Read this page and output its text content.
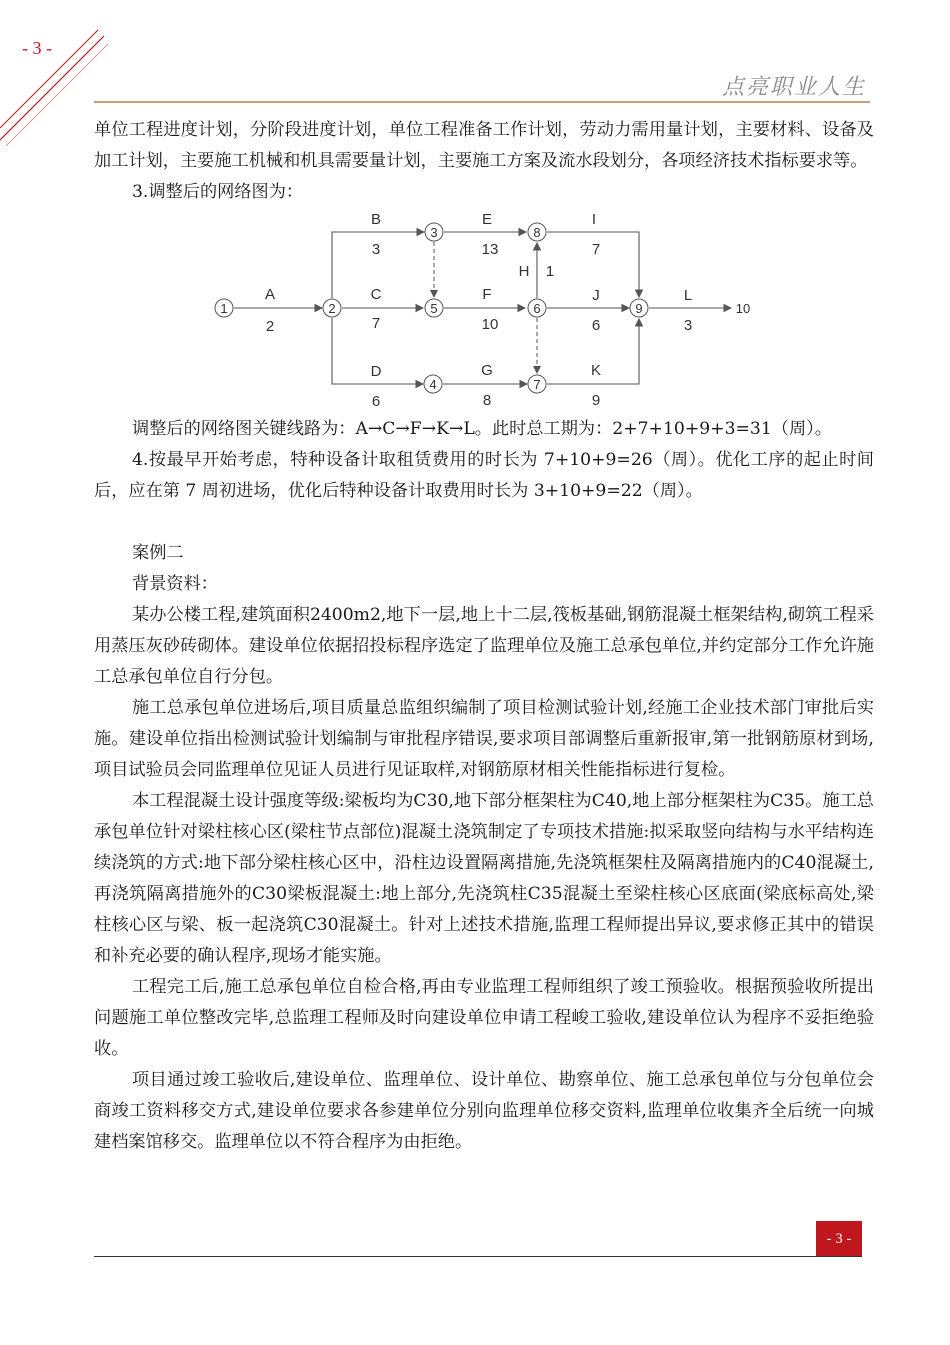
- 3 -
点亮职业人生

单位工程进度计划，分阶段进度计划，单位工程准备工作计划，劳动力需用量计划，主要材料、设备及加工计划，主要施工机械和机具需要量计划，主要施工方案及流水段划分，各项经济技术指标要求等。

3.调整后的网络图为：

1	2
3
4
5	6
7
8
9	10
A
2
B
3
C
7
D
6
E
13
F
10
G
8
H 1
I
7
J
6
K
9
L
3

调整后的网络图关键线路为：A→C→F→K→L。此时总工期为：2+7+10+9+3=31（周）。

4.按最早开始考虑，特种设备计取租赁费用的时长为 7+10+9=26（周）。优化工序的起止时间后，应在第 7 周初进场，优化后特种设备计取费用时长为 3+10+9=22（周）。

案例二

背景资料：

某办公楼工程,建筑面积2400m2,地下一层,地上十二层,筏板基础,钢筋混凝土框架结构,砌筑工程采用蒸压灰砂砖砌体。建设单位依据招投标程序选定了监理单位及施工总承包单位,并约定部分工作允许施工总承包单位自行分包。

施工总承包单位进场后,项目质量总监组织编制了项目检测试验计划,经施工企业技术部门审批后实施。建设单位指出检测试验计划编制与审批程序错误,要求项目部调整后重新报审,第一批钢筋原材到场,项目试验员会同监理单位见证人员进行见证取样,对钢筋原材相关性能指标进行复检。

本工程混凝土设计强度等级:梁板均为C30,地下部分框架柱为C40,地上部分框架柱为C35。施工总承包单位针对梁柱核心区(梁柱节点部位)混凝土浇筑制定了专项技术措施:拟采取竖向结构与水平结构连续浇筑的方式:地下部分梁柱核心区中，沿柱边设置隔离措施,先浇筑框架柱及隔离措施内的C40混凝土,再浇筑隔离措施外的C30梁板混凝土:地上部分,先浇筑柱C35混凝土至梁柱核心区底面(梁底标高处,梁柱核心区与梁、板一起浇筑C30混凝土。针对上述技术措施,监理工程师提出异议,要求修正其中的错误和补充必要的确认程序,现场才能实施。

工程完工后,施工总承包单位自检合格,再由专业监理工程师组织了竣工预验收。根据预验收所提出问题施工单位整改完毕,总监理工程师及时向建设单位申请工程峻工验收,建设单位认为程序不妥拒绝验收。

项目通过竣工验收后,建设单位、监理单位、设计单位、勘察单位、施工总承包单位与分包单位会商竣工资料移交方式,建设单位要求各参建单位分别向监理单位移交资料,监理单位收集齐全后统一向城建档案馆移交。监理单位以不符合程序为由拒绝。

- 3 -
